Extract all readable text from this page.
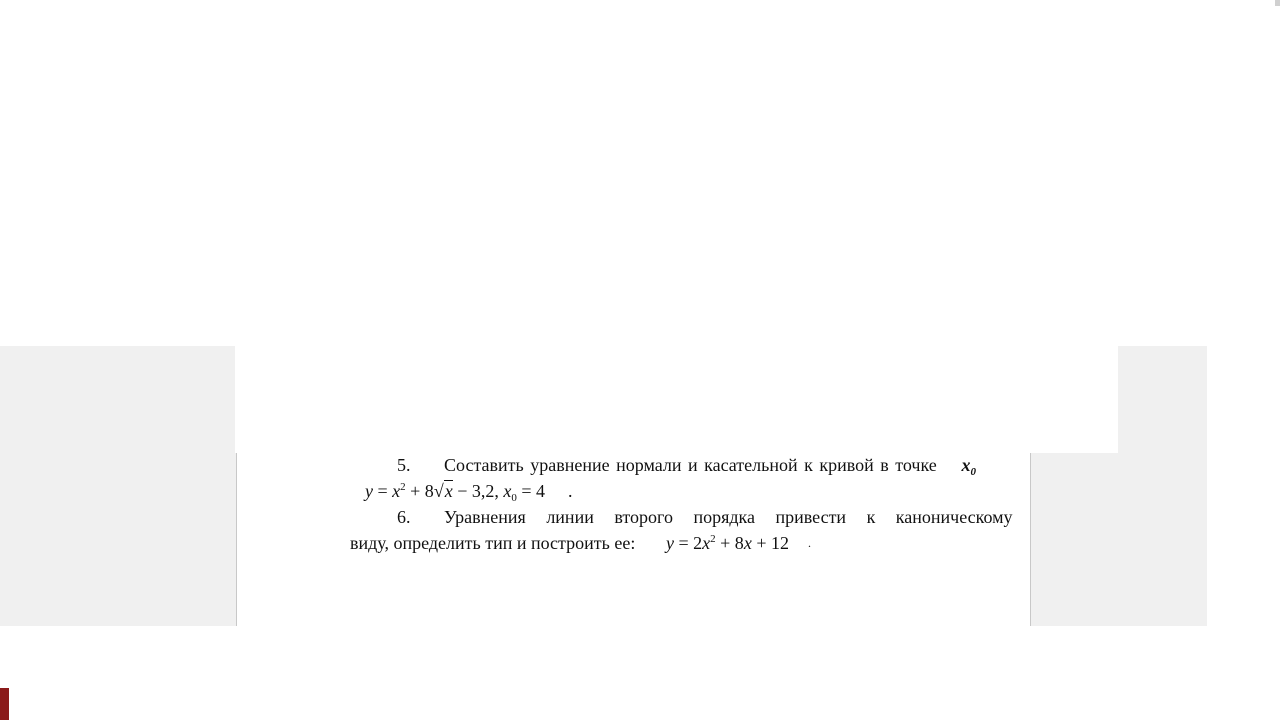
5. Составить уравнение нормали и касательной к кривой в точке $x_0$
$y = x^2 + 8√x - 3,2$, $x_0 = 4$ .
6. Уравнения линии второго порядка привести к каноническому
виду, определить тип и построить ее: $y = 2x^2 + 8x + 12$ .
